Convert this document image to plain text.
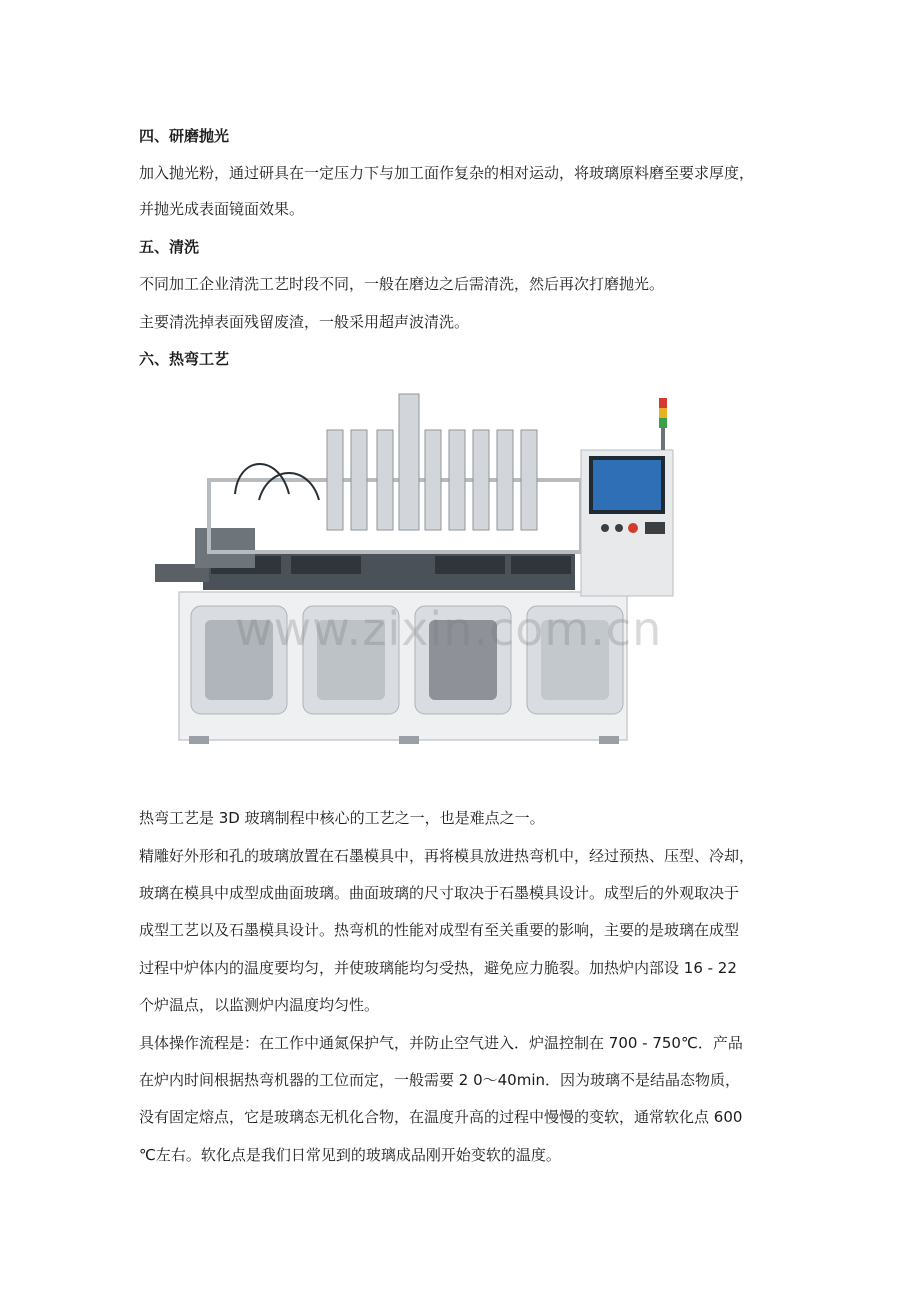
四、研磨抛光
加入抛光粉，通过研具在一定压力下与加工面作复杂的相对运动，将玻璃原料磨至要求厚度，
并抛光成表面镜面效果。
五、清洗
不同加工企业清洗工艺时段不同，一般在磨边之后需清洗，然后再次打磨抛光。
主要清洗掉表面残留废渣，一般采用超声波清洗。
六、热弯工艺
热弯工艺是 3D 玻璃制程中核心的工艺之一，也是难点之一。
精雕好外形和孔的玻璃放置在石墨模具中，再将模具放进热弯机中，经过预热、压型、冷却，
玻璃在模具中成型成曲面玻璃。曲面玻璃的尺寸取决于石墨模具设计。成型后的外观取决于
成型工艺以及石墨模具设计。热弯机的性能对成型有至关重要的影响，主要的是玻璃在成型
过程中炉体内的温度要均匀，并使玻璃能均匀受热，避免应力脆裂。加热炉内部设 16 - 22
个炉温点，以监测炉内温度均匀性。
具体操作流程是：在工作中通氮保护气，并防止空气进入．炉温控制在 700 - 750℃．产品
在炉内时间根据热弯机器的工位而定，一般需要 2 0～40min．因为玻璃不是结晶态物质，
没有固定熔点，它是玻璃态无机化合物，在温度升高的过程中慢慢的变软，通常软化点 600
℃左右。软化点是我们日常见到的玻璃成品刚开始变软的温度。
www.zixin.com.cn
